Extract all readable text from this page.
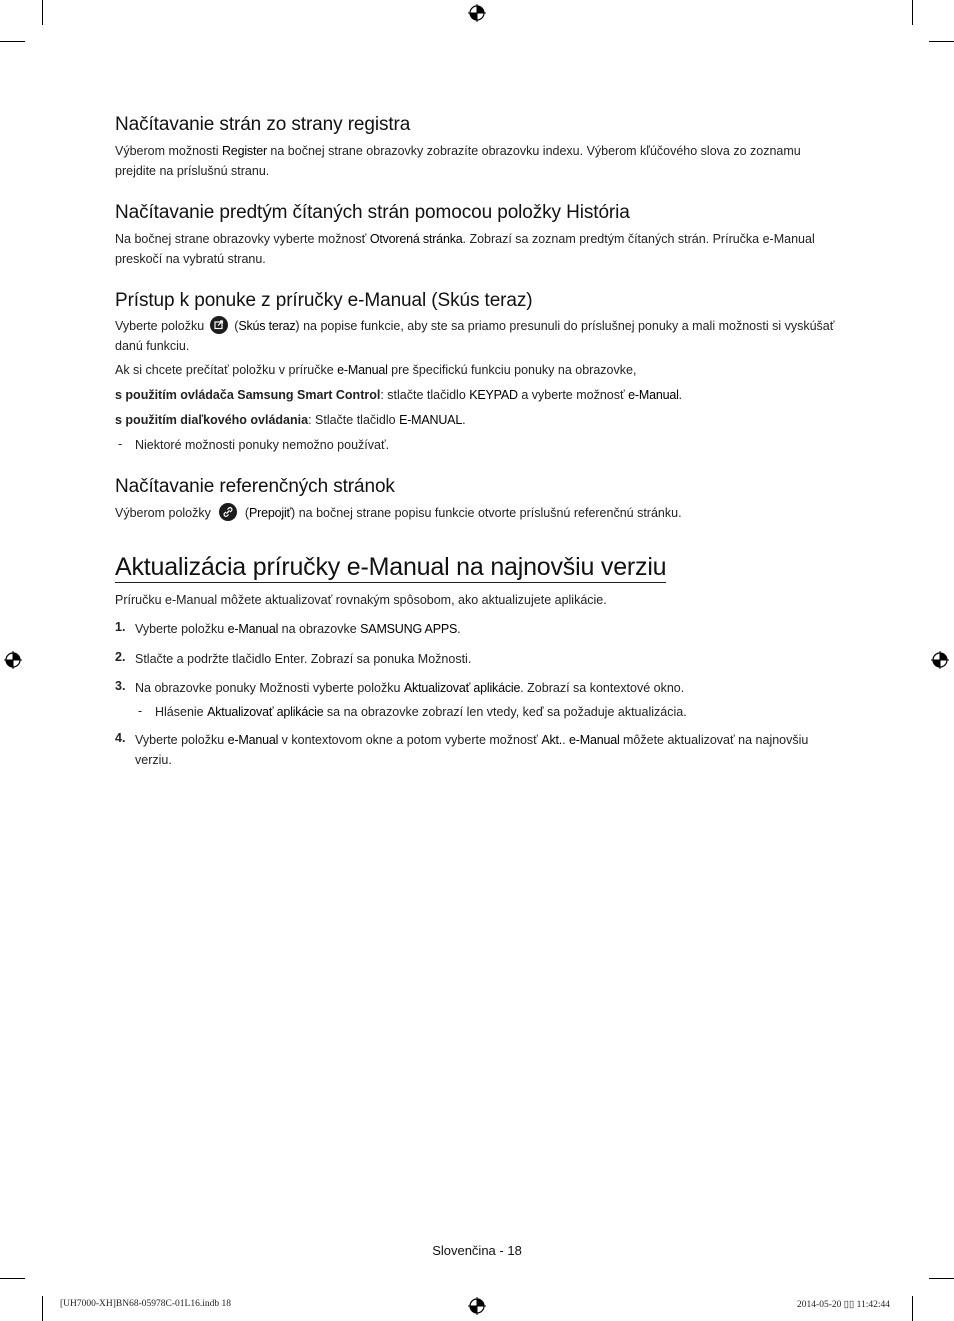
Načítavanie strán zo strany registra

Výberom možnosti Register na bočnej strane obrazovky zobrazíte obrazovku indexu. Výberom kľúčového slova zo zoznamu prejdite na príslušnú stranu.

Načítavanie predtým čítaných strán pomocou položky História

Na bočnej strane obrazovky vyberte možnosť Otvorená stránka. Zobrazí sa zoznam predtým čítaných strán. Príručka e-Manual preskočí na vybratú stranu.

Prístup k ponuke z príručky e-Manual (Skús teraz)

Vyberte položku (Skús teraz) na popise funkcie, aby ste sa priamo presunuli do príslušnej ponuky a mali možnosti si vyskúšať danú funkciu.

Ak si chcete prečítať položku v príručke e-Manual pre špecifickú funkciu ponuky na obrazovke,

s použitím ovládača Samsung Smart Control: stlačte tlačidlo KEYPAD a vyberte možnosť e-Manual.

s použitím diaľkového ovládania: Stlačte tlačidlo E-MANUAL.

- Niektoré možnosti ponuky nemožno používať.

Načítavanie referenčných stránok

Výberom položky	(Prepojiť) na bočnej strane popisu funkcie otvorte príslušnú referenčnú stránku.

Aktualizácia príručky e-Manual na najnovšiu verziu

Príručku e-Manual môžete aktualizovať rovnakým spôsobom, ako aktualizujete aplikácie.

1. Vyberte položku e-Manual na obrazovke SAMSUNG APPS.

2. Stlačte a podržte tlačidlo Enter. Zobrazí sa ponuka Možnosti.

3. Na obrazovke ponuky Možnosti vyberte položku Aktualizovať aplikácie. Zobrazí sa kontextové okno.

- Hlásenie Aktualizovať aplikácie sa na obrazovke zobrazí len vtedy, keď sa požaduje aktualizácia.

4. Vyberte položku e-Manual v kontextovom okne a potom vyberte možnosť Akt.. e-Manual môžete aktualizovať na najnovšiu verziu.

Slovenčina - 18
[UH7000-XH]BN68-05978C-01L16.indb 18	2014-05-20 ▯▯ 11:42:44
